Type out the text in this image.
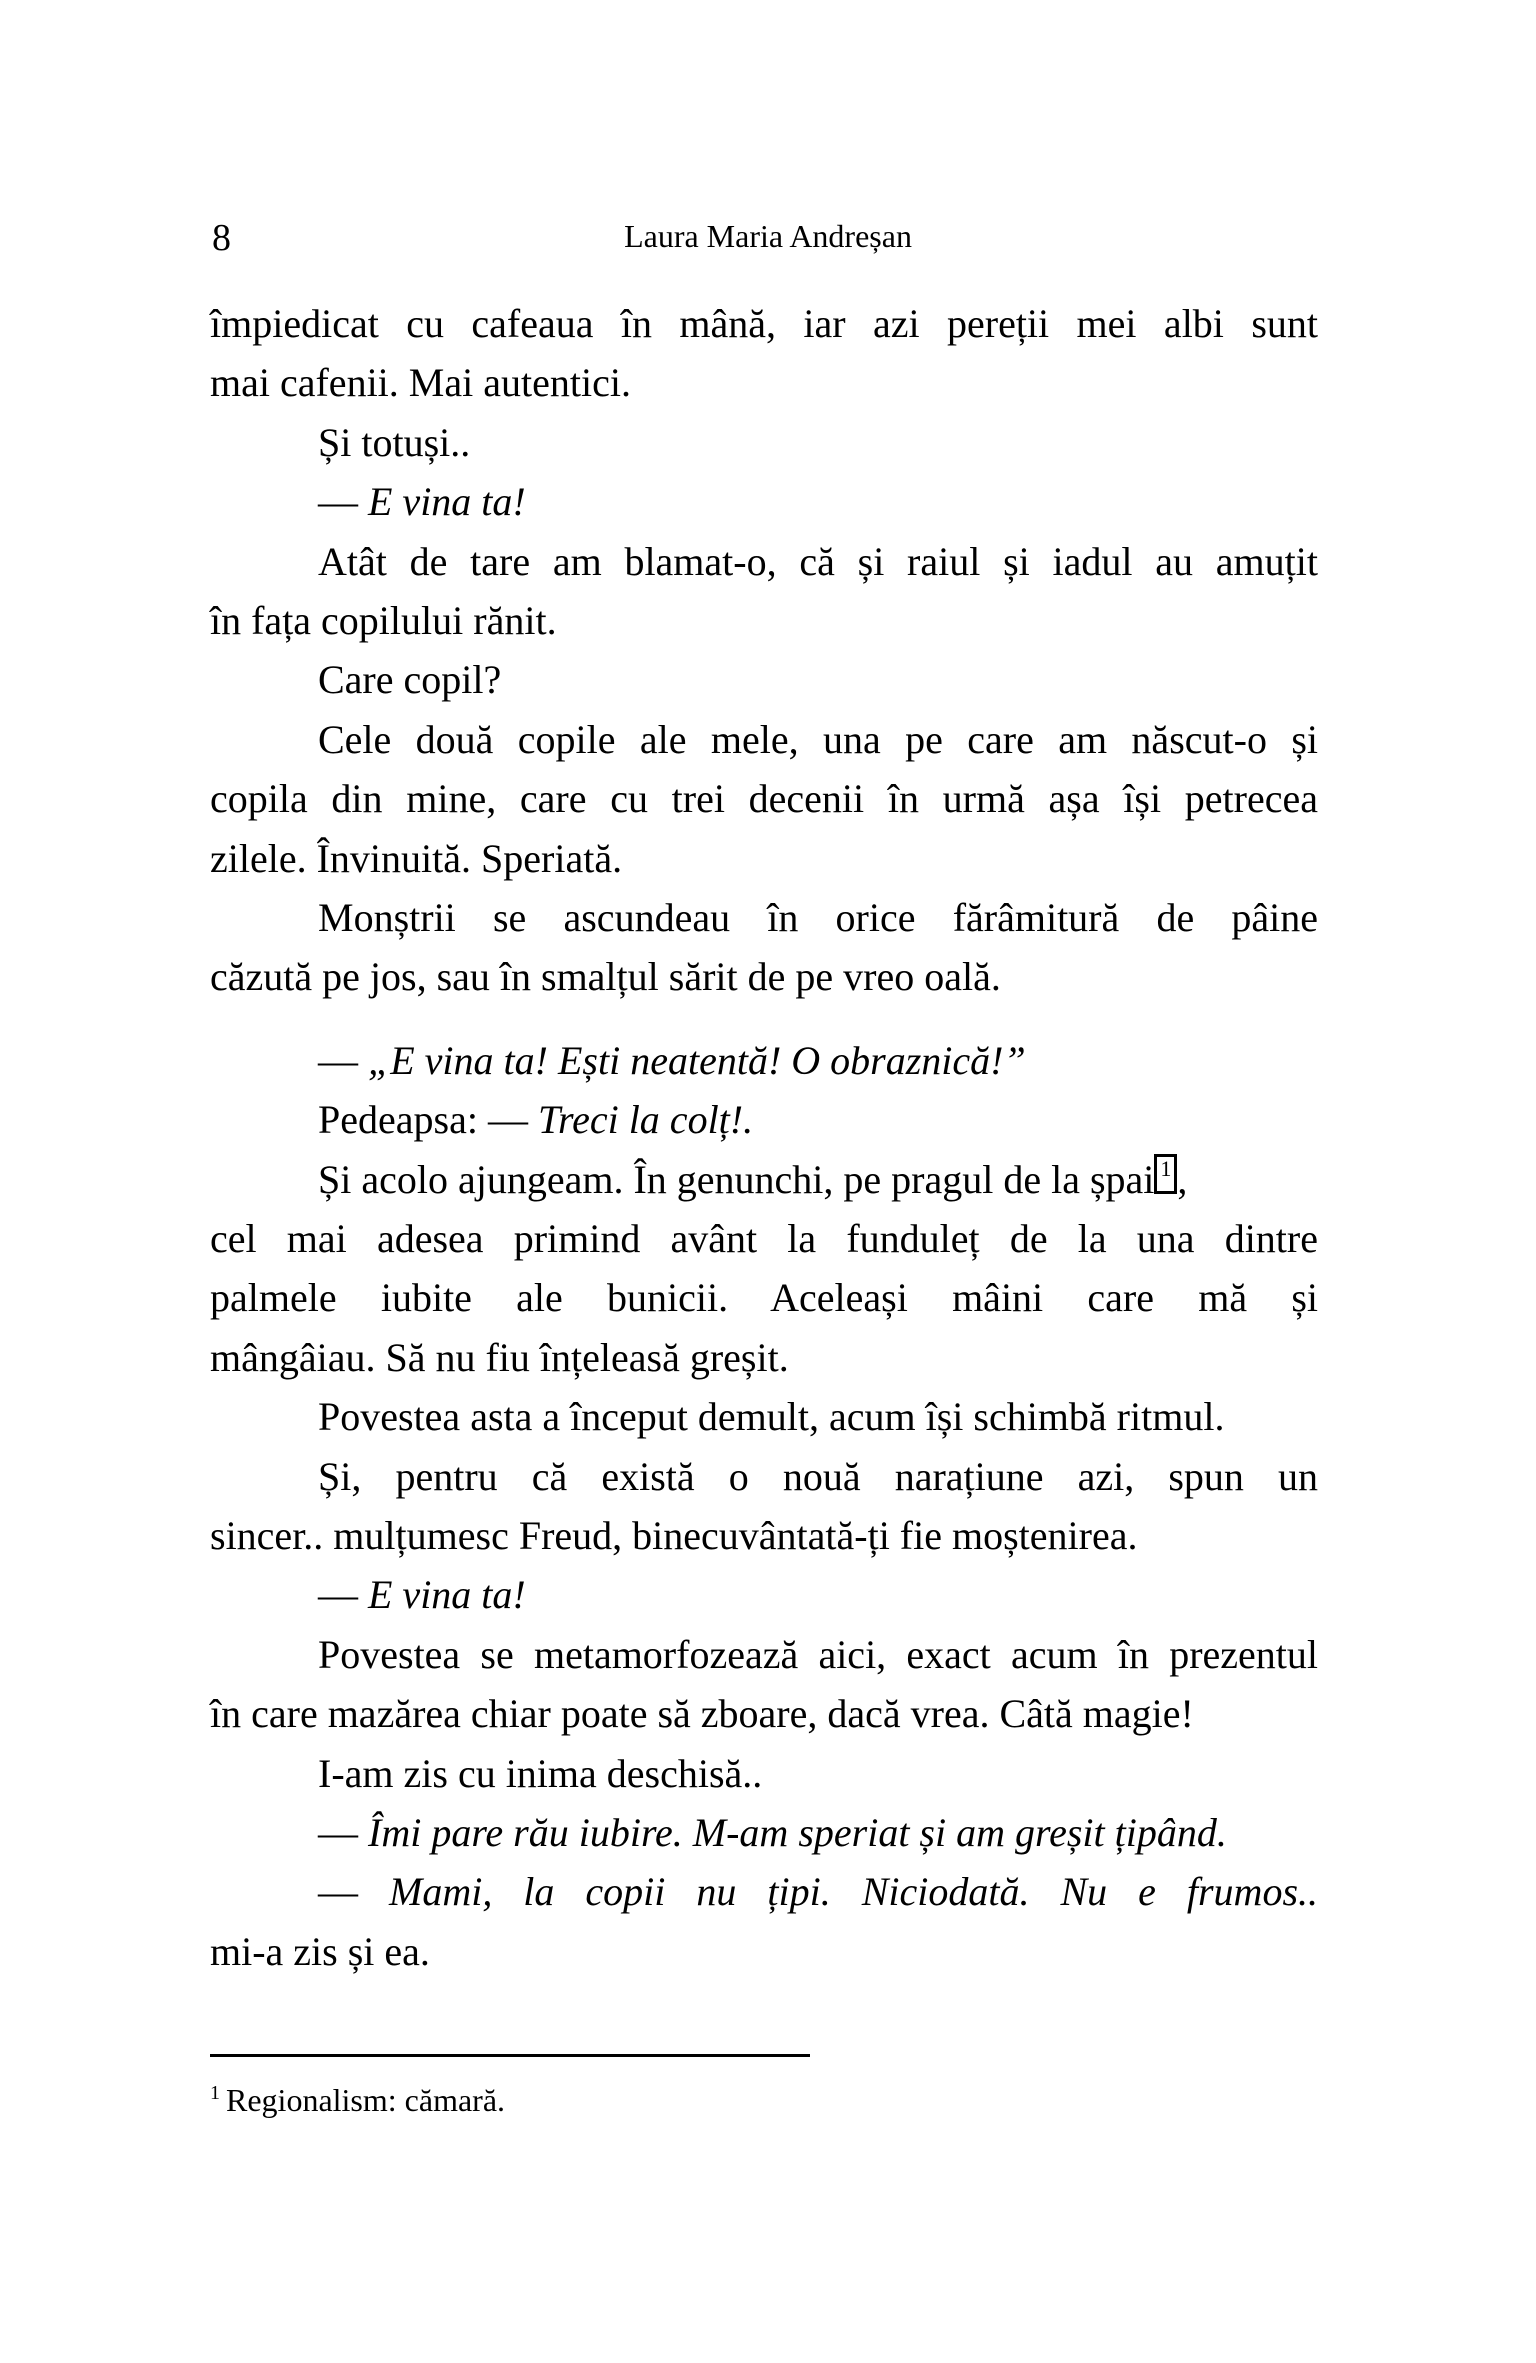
8	Laura Maria Andreșan
împiedicat cu cafeaua în mână, iar azi pereții mei albi sunt
mai cafenii. Mai autentici.
Și totuși..
— E vina ta!
Atât de tare am blamat-o, că și raiul și iadul au amuțit
în fața copilului rănit.
Care copil?
Cele două copile ale mele, una pe care am născut-o și
copila din mine, care cu trei decenii în urmă așa își petrecea
zilele. Învinuită. Speriată.
Monștrii se ascundeau în orice fărâmitură de pâine
căzută pe jos, sau în smalțul sărit de pe vreo oală.
— „E vina ta! Ești neatentă! O obraznică!”
Pedeapsa: — Treci la colț!.
Și acolo ajungeam. În genunchi, pe pragul de la șpai 1 ,
cel mai adesea primind avânt la funduleț de la una dintre
palmele iubite ale bunicii. Aceleași mâini care mă și
mângâiau. Să nu fiu înțeleasă greșit.
Povestea asta a început demult, acum își schimbă ritmul.
Și, pentru că există o nouă narațiune azi, spun un
sincer.. mulțumesc Freud, binecuvântată-ți fie moștenirea.
— E vina ta!
Povestea se metamorfozează aici, exact acum în prezentul
în care mazărea chiar poate să zboare, dacă vrea. Câtă magie!
I-am zis cu inima deschisă..
— Îmi pare rău iubire. M-am speriat și am greșit țipând.
— Mami, la copii nu țipi. Niciodată. Nu e frumos..
mi-a zis și ea.
$^1$ Regionalism: cămară.
